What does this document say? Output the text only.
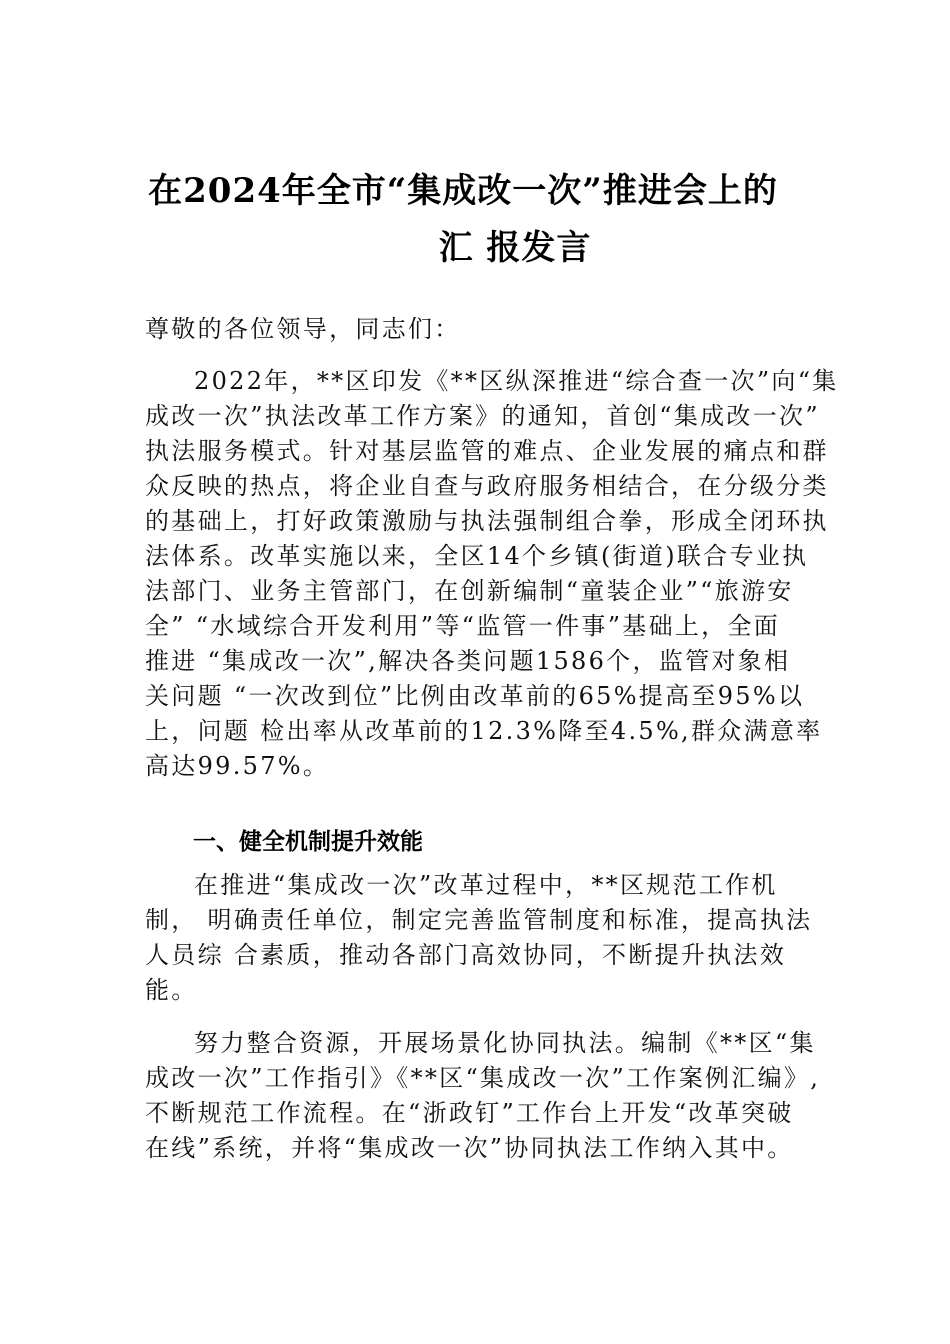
在2024年全市“集成改一次”推进会上的
汇 报发言
尊敬的各位领导，同志们：
2022年，**区印发《**区纵深推进“综合查一次”向“集
成改一次”执法改革工作方案》的通知，首创“集成改一次”
执法服务模式。针对基层监管的难点、企业发展的痛点和群
众反映的热点，将企业自查与政府服务相结合，在分级分类
的基础上，打好政策激励与执法强制组合拳，形成全闭环执
法体系。改革实施以来，全区14个乡镇(街道)联合专业执
法部门、业务主管部门，在创新编制“童装企业”“旅游安
全” “水域综合开发利用”等“监管一件事”基础上，全面
推进 “集成改一次”,解决各类问题1586个，监管对象相
关问题 “一次改到位”比例由改革前的65%提高至95%以
上，问题 检出率从改革前的12.3%降至4.5%,群众满意率
高达99.57%。
一、健全机制提升效能
在推进“集成改一次”改革过程中，**区规范工作机
制， 明确责任单位，制定完善监管制度和标准，提高执法
人员综 合素质，推动各部门高效协同，不断提升执法效
能。
努力整合资源，开展场景化协同执法。编制《**区“集
成改一次”工作指引》《**区“集成改一次”工作案例汇编》,
不断规范工作流程。在“浙政钉”工作台上开发“改革突破
在线”系统，并将“集成改一次”协同执法工作纳入其中。
